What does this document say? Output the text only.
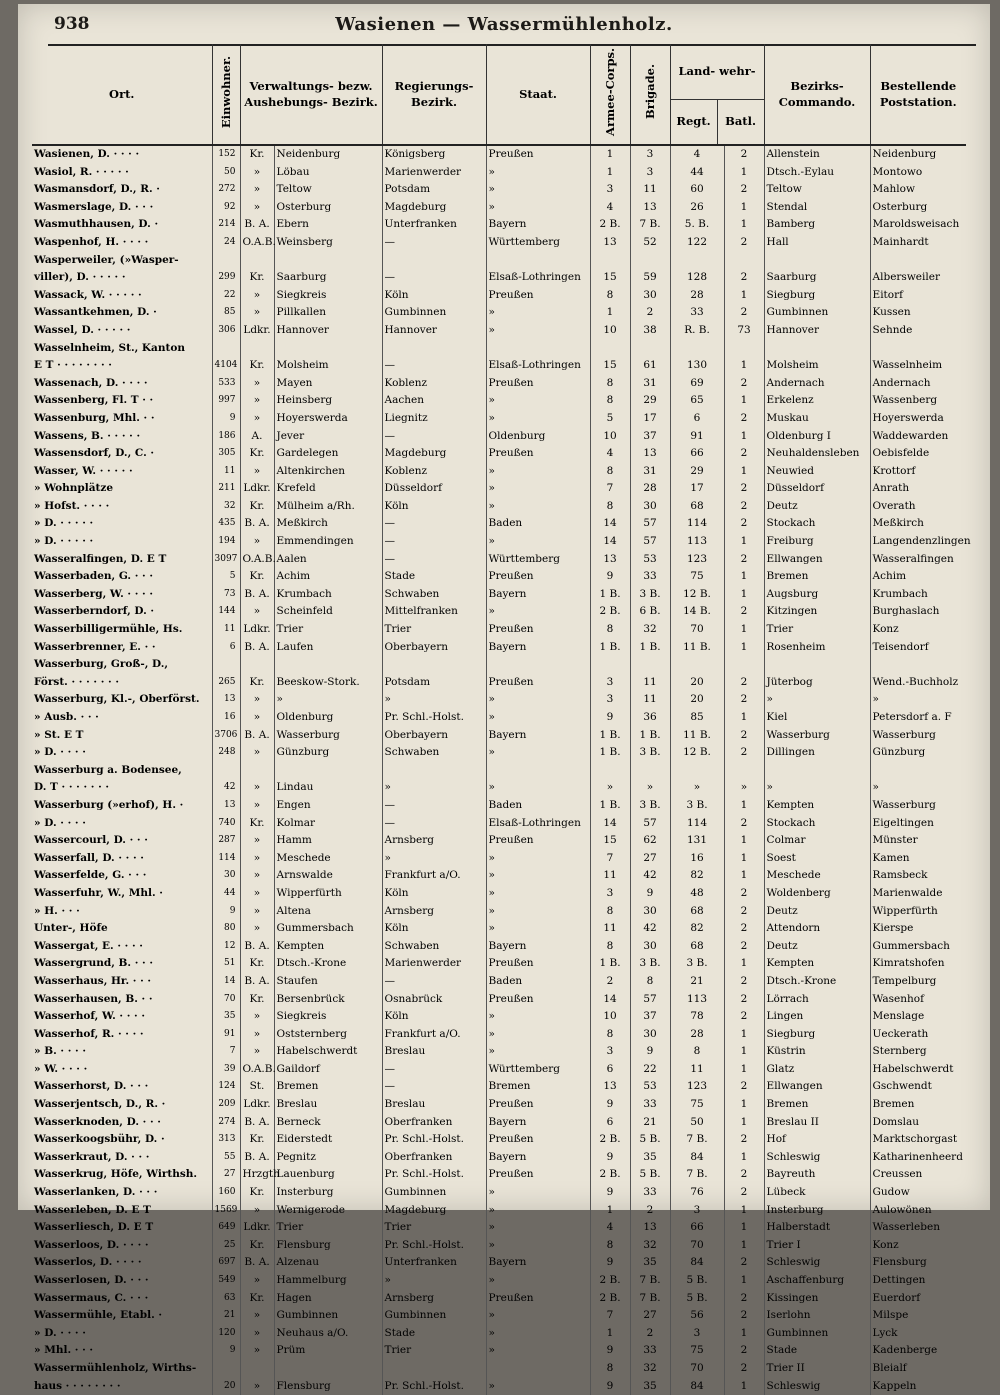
938	Wasienen — Wassermühlenholz.
Ort.	Einwohner.	Verwaltungs- bezw. Aushebungs- Bezirk.		Regierungs- Bezirk.	Staat.	Armee-Corps.	Brigade.	Land- wehr-
Regt. Batl.		Bezirks- Commando.	Bestellende Poststation.
Wasienen, D. · · · ·	152	Kr.	Neidenburg	Königsberg	Preußen	1	3	4	2	Allenstein	Neidenburg
Wasiol, R. · · · · ·	50	»	Löbau	Marienwerder	»	1	3	44	1	Dtsch.-Eylau	Montowo
Wasmansdorf, D., R. ·	272	»	Teltow	Potsdam	»	3	11	60	2	Teltow	Mahlow
Wasmerslage, D. · · ·	92	»	Osterburg	Magdeburg	»	4	13	26	1	Stendal	Osterburg
Wasmuthhausen, D. ·	214	B. A.	Ebern	Unterfranken	Bayern	2 B.	7 B.	5. B.	1	Bamberg	Maroldsweisach
Waspenhof, H. · · · ·	24	O.A.B.	Weinsberg	—	Württemberg	13	52	122	2	Hall	Mainhardt
Wasperweiler, (»Wasper-											
viller), D. · · · · ·	299	Kr.	Saarburg	—	Elsaß-Lothringen	15	59	128	2	Saarburg	Albersweiler
Wassack, W. · · · · ·	22	»	Siegkreis	Köln	Preußen	8	30	28	1	Siegburg	Eitorf
Wassantkehmen, D. ·	85	»	Pillkallen	Gumbinnen	»	1	2	33	2	Gumbinnen	Kussen
Wassel, D. · · · · ·	306	Ldkr.	Hannover	Hannover	»	10	38	R. B.	73	Hannover	Sehnde
Wasselnheim, St., Kanton											
E T · · · · · · · ·	4104	Kr.	Molsheim	—	Elsaß-Lothringen	15	61	130	1	Molsheim	Wasselnheim
Wassenach, D. · · · ·	533	»	Mayen	Koblenz	Preußen	8	31	69	2	Andernach	Andernach
Wassenberg, Fl. T · ·	997	»	Heinsberg	Aachen	»	8	29	65	1	Erkelenz	Wassenberg
Wassenburg, Mhl. · ·	9	»	Hoyerswerda	Liegnitz	»	5	17	6	2	Muskau	Hoyerswerda
Wassens, B. · · · · ·	186	A.	Jever	—	Oldenburg	10	37	91	1	Oldenburg I	Waddewarden
Wassensdorf, D., C. ·	305	Kr.	Gardelegen	Magdeburg	Preußen	4	13	66	2	Neuhaldensleben	Oebisfelde
Wasser, W. · · · · ·	11	»	Altenkirchen	Koblenz	»	8	31	29	1	Neuwied	Krottorf
» Wohnplätze	211	Ldkr.	Krefeld	Düsseldorf	»	7	28	17	2	Düsseldorf	Anrath
» Hofst. · · · ·	32	Kr.	Mülheim a/Rh.	Köln	»	8	30	68	2	Deutz	Overath
» D. · · · · ·	435	B. A.	Meßkirch	—	Baden	14	57	114	2	Stockach	Meßkirch
» D. · · · · ·	194	»	Emmendingen	—	»	14	57	113	1	Freiburg	Langendenzlingen
Wasseralfingen, D. E T	3097	O.A.B.	Aalen	—	Württemberg	13	53	123	2	Ellwangen	Wasseralfingen
Wasserbaden, G. · · ·	5	Kr.	Achim	Stade	Preußen	9	33	75	1	Bremen	Achim
Wasserberg, W. · · · ·	73	B. A.	Krumbach	Schwaben	Bayern	1 B.	3 B.	12 B.	1	Augsburg	Krumbach
Wasserberndorf, D. ·	144	»	Scheinfeld	Mittelfranken	»	2 B.	6 B.	14 B.	2	Kitzingen	Burghaslach
Wasserbilligermühle, Hs.	11	Ldkr.	Trier	Trier	Preußen	8	32	70	1	Trier	Konz
Wasserbrenner, E. · ·	6	B. A.	Laufen	Oberbayern	Bayern	1 B.	1 B.	11 B.	1	Rosenheim	Teisendorf
Wasserburg, Groß-, D.,											
Först. · · · · · · ·	265	Kr.	Beeskow-Stork.	Potsdam	Preußen	3	11	20	2	Jüterbog	Wend.-Buchholz
Wasserburg, Kl.-, Oberförst.	13	»	»	»	»	3	11	20	2	»	»
» Ausb. · · ·	16	»	Oldenburg	Pr. Schl.-Holst.	»	9	36	85	1	Kiel	Petersdorf a. F
» St. E T	3706	B. A.	Wasserburg	Oberbayern	Bayern	1 B.	1 B.	11 B.	2	Wasserburg	Wasserburg
» D. · · · ·	248	»	Günzburg	Schwaben	»	1 B.	3 B.	12 B.	2	Dillingen	Günzburg
Wasserburg a. Bodensee,											
D. T · · · · · · ·	42	»	Lindau	»	»	»	»	»	»	»	»
Wasserburg (»erhof), H. ·	13	»	Engen	—	Baden	1 B.	3 B.	3 B.	1	Kempten	Wasserburg
» D. · · · ·	740	Kr.	Kolmar	—	Elsaß-Lothringen	14	57	114	2	Stockach	Eigeltingen
Wassercourl, D. · · ·	287	»	Hamm	Arnsberg	Preußen	15	62	131	1	Colmar	Münster
Wasserfall, D. · · · ·	114	»	Meschede	»	»	7	27	16	1	Soest	Kamen
Wasserfelde, G. · · ·	30	»	Arnswalde	Frankfurt a/O.	»	11	42	82	1	Meschede	Ramsbeck
Wasserfuhr, W., Mhl. ·	44	»	Wipperfürth	Köln	»	3	9	48	2	Woldenberg	Marienwalde
» H. · · ·	9	»	Altena	Arnsberg	»	8	30	68	2	Deutz	Wipperfürth
Unter-, Höfe	80	»	Gummersbach	Köln	»	11	42	82	2	Attendorn	Kierspe
Wassergat, E. · · · ·	12	B. A.	Kempten	Schwaben	Bayern	8	30	68	2	Deutz	Gummersbach
Wassergrund, B. · · ·	51	Kr.	Dtsch.-Krone	Marienwerder	Preußen	1 B.	3 B.	3 B.	1	Kempten	Kimratshofen
Wasserhaus, Hr. · · ·	14	B. A.	Staufen	—	Baden	2	8	21	2	Dtsch.-Krone	Tempelburg
Wasserhausen, B. · ·	70	Kr.	Bersenbrück	Osnabrück	Preußen	14	57	113	2	Lörrach	Wasenhof
Wasserhof, W. · · · ·	35	»	Siegkreis	Köln	»	10	37	78	2	Lingen	Menslage
Wasserhof, R. · · · ·	91	»	Oststernberg	Frankfurt a/O.	»	8	30	28	1	Siegburg	Ueckerath
» B. · · · ·	7	»	Habelschwerdt	Breslau	»	3	9	8	1	Küstrin	Sternberg
» W. · · · ·	39	O.A.B.	Gaildorf	—	Württemberg	6	22	11	1	Glatz	Habelschwerdt
Wasserhorst, D. · · ·	124	St.	Bremen	—	Bremen	13	53	123	2	Ellwangen	Gschwendt
Wasserjentsch, D., R. ·	209	Ldkr.	Breslau	Breslau	Preußen	9	33	75	1	Bremen	Bremen
Wasserknoden, D. · · ·	274	B. A.	Berneck	Oberfranken	Bayern	6	21	50	1	Breslau II	Domslau
Wasserkoogsbühr, D. ·	313	Kr.	Eiderstedt	Pr. Schl.-Holst.	Preußen	2 B.	5 B.	7 B.	2	Hof	Marktschorgast
Wasserkraut, D. · · ·	55	B. A.	Pegnitz	Oberfranken	Bayern	9	35	84	1	Schleswig	Katharinenheerd
Wasserkrug, Höfe, Wirthsh.	27	Hrzgth	Lauenburg	Pr. Schl.-Holst.	Preußen	2 B.	5 B.	7 B.	2	Bayreuth	Creussen
Wasserlanken, D. · · ·	160	Kr.	Insterburg	Gumbinnen	»	9	33	76	2	Lübeck	Gudow
Wasserleben, D. E T	1569	»	Wernigerode	Magdeburg	»	1	2	3	1	Insterburg	Aulowönen
Wasserliesch, D. E T	649	Ldkr.	Trier	Trier	»	4	13	66	1	Halberstadt	Wasserleben
Wasserloos, D. · · · ·	25	Kr.	Flensburg	Pr. Schl.-Holst.	»	8	32	70	1	Trier I	Konz
Wasserlos, D. · · · ·	697	B. A.	Alzenau	Unterfranken	Bayern	9	35	84	2	Schleswig	Flensburg
Wasserlosen, D. · · ·	549	»	Hammelburg	»	»	2 B.	7 B.	5 B.	1	Aschaffenburg	Dettingen
Wassermaus, C. · · ·	63	Kr.	Hagen	Arnsberg	Preußen	2 B.	7 B.	5 B.	2	Kissingen	Euerdorf
Wassermühle, Etabl. ·	21	»	Gumbinnen	Gumbinnen	»	7	27	56	2	Iserlohn	Milspe
» D. · · · ·	120	»	Neuhaus a/O.	Stade	»	1	2	3	1	Gumbinnen	Lyck
» Mhl. · · ·	9	»	Prüm	Trier	»	9	33	75	2	Stade	Kadenberge
Wassermühlenholz, Wirths-						8	32	70	2	Trier II	Bleialf
haus · · · · · · · ·	20	»	Flensburg	Pr. Schl.-Holst.	»	9	35	84	1	Schleswig	Kappeln
